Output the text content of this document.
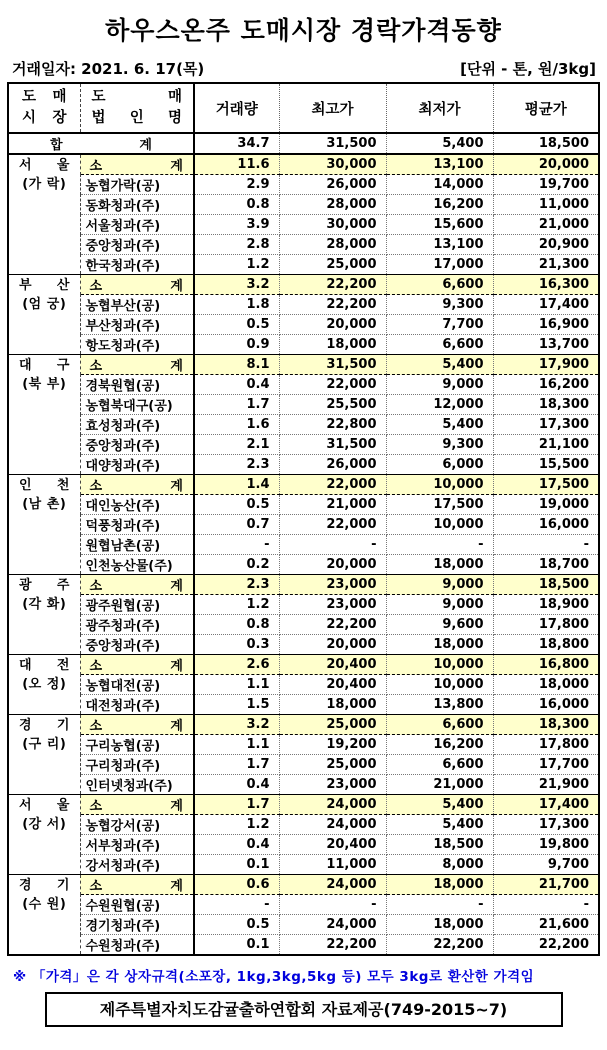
하우스온주 도매시장 경락가격동향
거래일자: 2021. 6. 17(목)	[단위 - 톤, 원/3kg]
도 매
시 장

도 매
법 인 명
	거래량	최고가	최저가	평균가
합 계		34.7	31,500	5,400	18,500

서 울
(가 락)	소 계	11.6	30,000	13,100	20,000
	농협가락(공)	2.9	26,000	14,000	19,700
	동화청과(주)	0.8	28,000	16,200	11,000
	서울청과(주)	3.9	30,000	15,600	21,000
	중앙청과(주)	2.8	28,000	13,100	20,900
	한국청과(주)	1.2	25,000	17,000	21,300

부 산
(엄 궁)	소 계	3.2	22,200	6,600	16,300
	농협부산(공)	1.8	22,200	9,300	17,400
	부산청과(주)	0.5	20,000	7,700	16,900
	항도청과(주)	0.9	18,000	6,600	13,700

대 구
(북 부)	소 계	8.1	31,500	5,400	17,900
	경북원협(공)	0.4	22,000	9,000	16,200
	농협북대구(공)	1.7	25,500	12,000	18,300
	효성청과(주)	1.6	22,800	5,400	17,300
	중앙청과(주)	2.1	31,500	9,300	21,100
	대양청과(주)	2.3	26,000	6,000	15,500

인 천
(남 촌)	소 계	1.4	22,000	10,000	17,500
	대인농산(주)	0.5	21,000	17,500	19,000
	덕풍청과(주)	0.7	22,000	10,000	16,000
	원협남촌(공)	-	-	-	-
	인천농산물(주)	0.2	20,000	18,000	18,700

광 주
(각 화)	소 계	2.3	23,000	9,000	18,500
	광주원협(공)	1.2	23,000	9,000	18,900
	광주청과(주)	0.8	22,200	9,600	17,800
	중앙청과(주)	0.3	20,000	18,000	18,800

대 전
(오 정)	소 계	2.6	20,400	10,000	16,800
	농협대전(공)	1.1	20,400	10,000	18,000
	대전청과(주)	1.5	18,000	13,800	16,000

경 기
(구 리)	소 계	3.2	25,000	6,600	18,300
	구리농협(공)	1.1	19,200	16,200	17,800
	구리청과(주)	1.7	25,000	6,600	17,700
	인터넷청과(주)	0.4	23,000	21,000	21,900

서 울
(강 서)	소 계	1.7	24,000	5,400	17,400
	농협강서(공)	1.2	24,000	5,400	17,300
	서부청과(주)	0.4	20,400	18,500	19,800
	강서청과(주)	0.1	11,000	8,000	9,700

경 기
(수 원)	소 계	0.6	24,000	18,000	21,700
	수원원협(공)	-	-	-	-
	경기청과(주)	0.5	24,000	18,000	21,600
	수원청과(주)	0.1	22,200	22,200	22,200
※ 「가격」은 각 상자규격(소포장, 1kg,3kg,5kg 등) 모두 3kg로 환산한 가격임
제주특별자치도감귤출하연합회 자료제공(749-2015~7)
